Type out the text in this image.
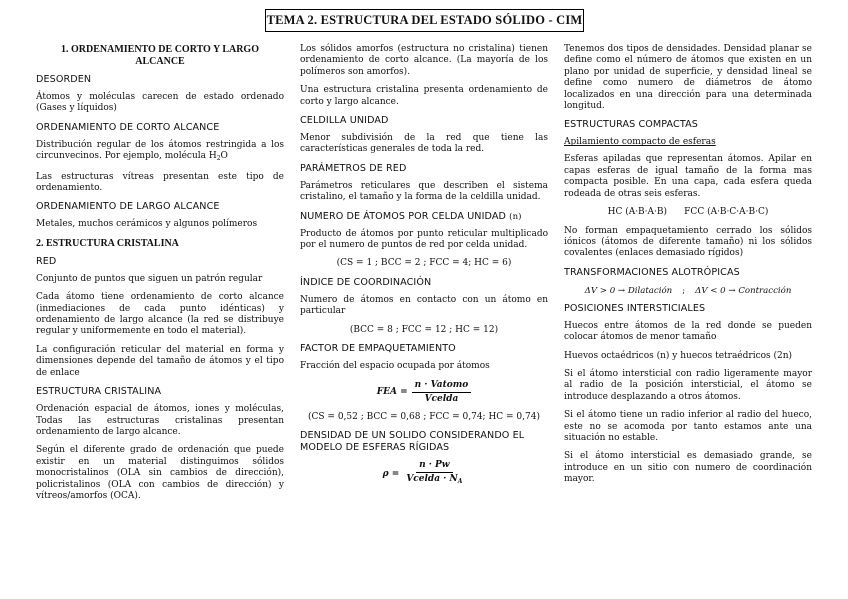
TEMA 2. ESTRUCTURA DEL ESTADO SÓLIDO - CIM
1. ORDENAMIENTO DE CORTO Y LARGO ALCANCE
DESORDEN

Átomos y moléculas carecen de estado ordenado (Gases y líquidos)

ORDENAMIENTO DE CORTO ALCANCE

Distribución regular de los átomos restringida a los circunvecinos. Por ejemplo, molécula $H_2O$

Las estructuras vítreas presentan este tipo de ordenamiento.

ORDENAMIENTO DE LARGO ALCANCE

Metales, muchos cerámicos y algunos polímeros

2. ESTRUCTURA CRISTALINA
RED

Conjunto de puntos que siguen un patrón regular

Cada átomo tiene ordenamiento de corto alcance (inmediaciones de cada punto idénticas) y ordenamiento de largo alcance (la red se distribuye regular y uniformemente en todo el material).

La configuración reticular del material en forma y dimensiones depende del tamaño de átomos y el tipo de enlace

ESTRUCTURA CRISTALINA

Ordenación espacial de átomos, iones y moléculas, Todas las estructuras cristalinas presentan ordenamiento de largo alcance.

Según el diferente grado de ordenación que puede existir en un material distinguimos sólidos monocristalinos (OLA sin cambios de dirección), policristalinos (OLA con cambios de dirección) y vítreos/amorfos (OCA).

Los sólidos amorfos (estructura no cristalina) tienen ordenamiento de corto alcance. (La mayoría de los polímeros son amorfos).

Una estructura cristalina presenta ordenamiento de corto y largo alcance.

CELDILLA UNIDAD

Menor subdivisión de la red que tiene las características generales de toda la red.

PARÁMETROS DE RED

Parámetros reticulares que describen el sistema cristalino, el tamaño y la forma de la celdilla unidad.

NUMERO DE ÁTOMOS POR CELDA UNIDAD (n)

Producto de átomos por punto reticular multiplicado por el numero de puntos de red por celda unidad.

(CS = 1 ; BCC = 2 ; FCC = 4; HC = 6)
ÍNDICE DE COORDINACIÓN

Numero de átomos en contacto con un átomo en particular

(BCC = 8 ; FCC = 12 ; HC = 12)
FACTOR DE EMPAQUETAMIENTO

Fracción del espacio ocupada por átomos

FEA = $\frac{\text{n · Vatomo}}{\text{Vcelda}}$
(CS = 0,52 ; BCC = 0,68 ; FCC = 0,74; HC = 0,74)
DENSIDAD DE UN SOLIDO CONSIDERANDO EL MODELO DE ESFERAS RÍGIDAS
$\rho = \frac{n \cdot Pw}{Vcelda \cdot N_A}$

Tenemos dos tipos de densidades. Densidad planar se define como el número de átomos que existen en un plano por unidad de superficie, y densidad lineal se define como numero de diámetros de átomo localizados en una dirección para una determinada longitud.

ESTRUCTURAS COMPACTAS
Apilamiento compacto de esferas

Esferas apiladas que representan átomos. Apilar en capas esferas de igual tamaño de la forma mas compacta posible. En una capa, cada esfera queda rodeada de otras seis esferas.

HC (A·B·A·B)      FCC (A·B·C·A·B·C)

No forman empaquetamiento cerrado los sólidos iónicos (átomos de diferente tamaño) ni los sólidos covalentes (enlaces demasiado rígidos)

TRANSFORMACIONES ALOTRÓPICAS
ΔV > 0 → Dilatación ; ΔV < 0 → Contracción
POSICIONES INTERSTICIALES

Huecos entre átomos de la red donde se pueden colocar átomos de menor tamaño

Huevos octaédricos (n) y huecos tetraédricos (2n)

Si el átomo intersticial con radio ligeramente mayor al radio de la posición intersticial, el átomo se introduce desplazando a otros átomos.

Si el átomo tiene un radio inferior al radio del hueco, este no se acomoda por tanto estamos ante una situación no estable.

Si el átomo intersticial es demasiado grande, se introduce en un sitio con numero de coordinación mayor.
